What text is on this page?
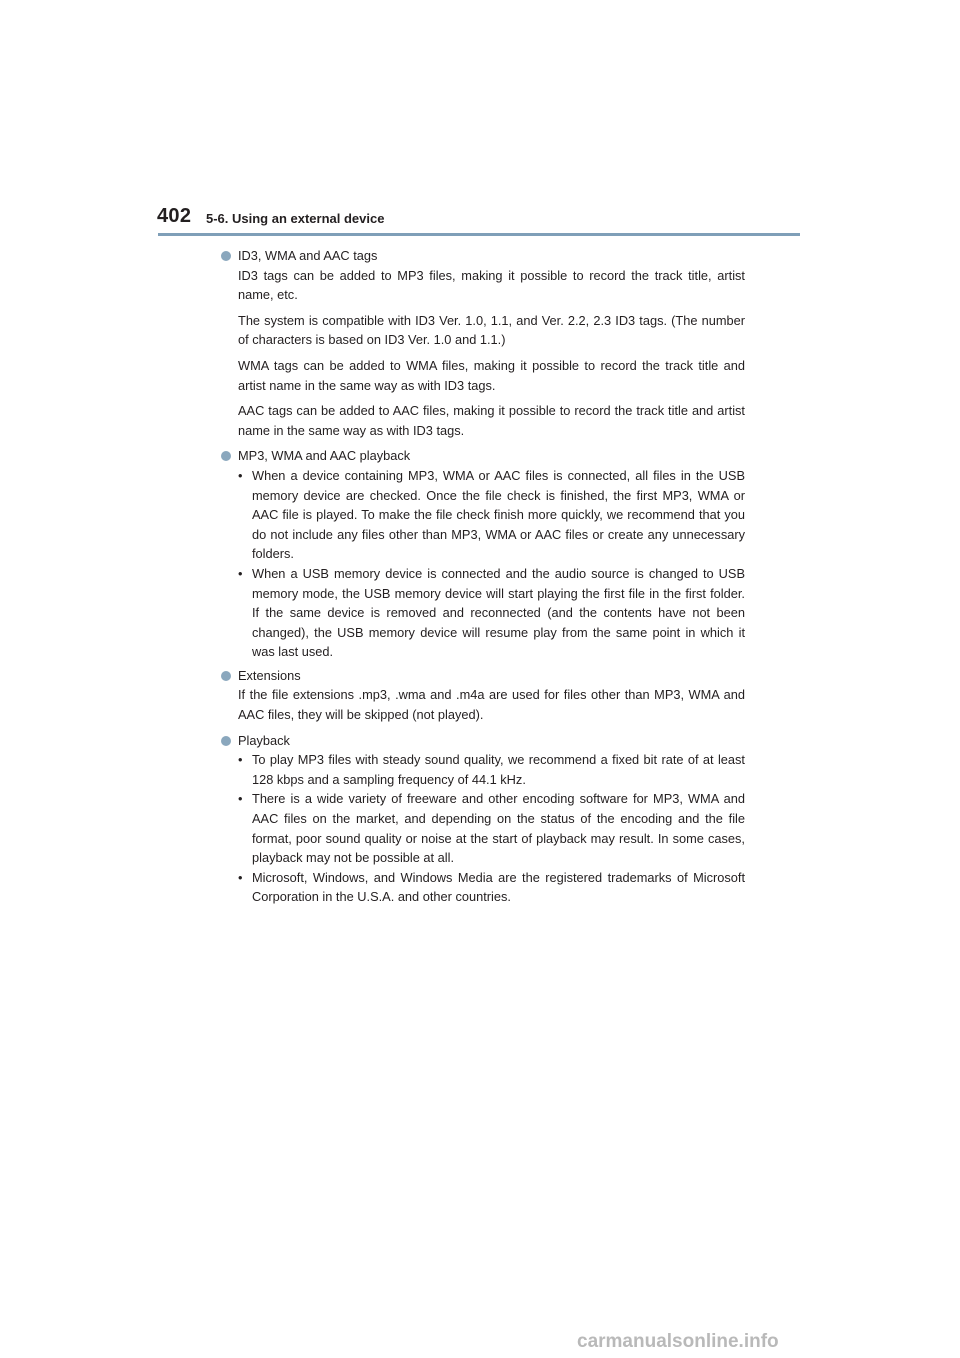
402 5-6. Using an external device
ID3, WMA and AAC tags

ID3 tags can be added to MP3 files, making it possible to record the track title, artist name, etc.

The system is compatible with ID3 Ver. 1.0, 1.1, and Ver. 2.2, 2.3 ID3 tags. (The number of characters is based on ID3 Ver. 1.0 and 1.1.)

WMA tags can be added to WMA files, making it possible to record the track title and artist name in the same way as with ID3 tags.

AAC tags can be added to AAC files, making it possible to record the track title and artist name in the same way as with ID3 tags.

MP3, WMA and AAC playback
• When a device containing MP3, WMA or AAC files is connected, all files in the USB memory device are checked. Once the file check is finished, the first MP3, WMA or AAC file is played. To make the file check finish more quickly, we recommend that you do not include any files other than MP3, WMA or AAC files or create any unnecessary folders.
• When a USB memory device is connected and the audio source is changed to USB memory mode, the USB memory device will start playing the first file in the first folder. If the same device is removed and reconnected (and the contents have not been changed), the USB memory device will resume play from the same point in which it was last used.
Extensions

If the file extensions .mp3, .wma and .m4a are used for files other than MP3, WMA and AAC files, they will be skipped (not played).

Playback
• To play MP3 files with steady sound quality, we recommend a fixed bit rate of at least 128 kbps and a sampling frequency of 44.1 kHz.
• There is a wide variety of freeware and other encoding software for MP3, WMA and AAC files on the market, and depending on the status of the encoding and the file format, poor sound quality or noise at the start of playback may result. In some cases, playback may not be possible at all.
• Microsoft, Windows, and Windows Media are the registered trademarks of Microsoft Corporation in the U.S.A. and other countries.
carmanualsonline.info
